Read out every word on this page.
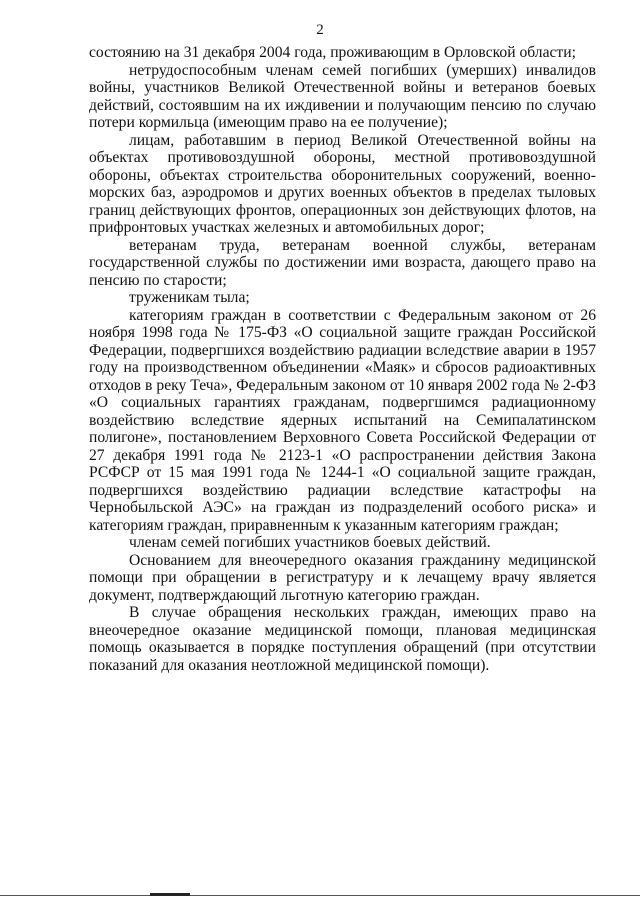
2

состоянию на 31 декабря 2004 года, проживающим в Орловской области;

нетрудоспособным членам семей погибших (умерших) инвалидов войны, участников Великой Отечественной войны и ветеранов боевых действий, состоявшим на их иждивении и получающим пенсию по случаю потери кормильца (имеющим право на ее получение);

лицам, работавшим в период Великой Отечественной войны на объектах противовоздушной обороны, местной противовоздушной обороны, объектах строительства оборонительных сооружений, военно-морских баз, аэродромов и других военных объектов в пределах тыловых границ действующих фронтов, операционных зон действующих флотов, на прифронтовых участках железных и автомобильных дорог;

ветеранам труда, ветеранам военной службы, ветеранам государственной службы по достижении ими возраста, дающего право на пенсию по старости;

труженикам тыла;

категориям граждан в соответствии с Федеральным законом от 26 ноября 1998 года № 175-ФЗ «О социальной защите граждан Российской Федерации, подвергшихся воздействию радиации вследствие аварии в 1957 году на производственном объединении «Маяк» и сбросов радиоактивных отходов в реку Теча», Федеральным законом от 10 января 2002 года № 2-ФЗ «О социальных гарантиях гражданам, подвергшимся радиационному воздействию вследствие ядерных испытаний на Семипалатинском полигоне», постановлением Верховного Совета Российской Федерации от 27 декабря 1991 года № 2123-1 «О распространении действия Закона РСФСР от 15 мая 1991 года № 1244-1 «О социальной защите граждан, подвергшихся воздействию радиации вследствие катастрофы на Чернобыльской АЭС» на граждан из подразделений особого риска» и категориям граждан, приравненным к указанным категориям граждан;

членам семей погибших участников боевых действий.

Основанием для внеочередного оказания гражданину медицинской помощи при обращении в регистратуру и к лечащему врачу является документ, подтверждающий льготную категорию граждан.

В случае обращения нескольких граждан, имеющих право на внеочередное оказание медицинской помощи, плановая медицинская помощь оказывается в порядке поступления обращений (при отсутствии показаний для оказания неотложной медицинской помощи).
